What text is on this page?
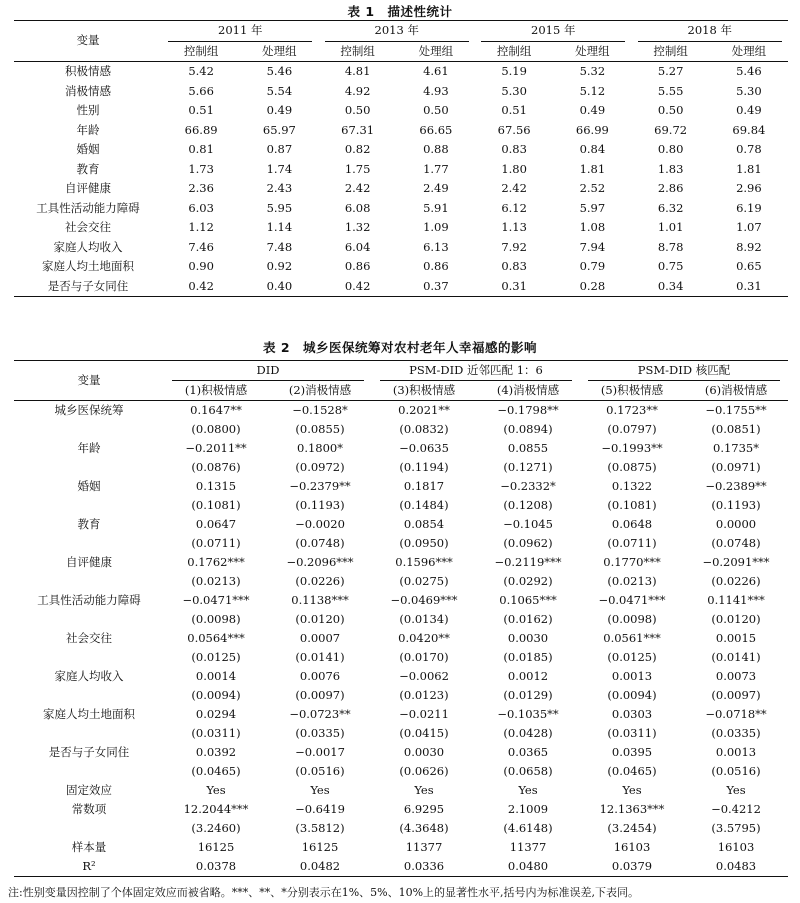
表 1　描述性统计
变量	2011 年		2013 年		2015 年		2018 年	
	控制组	处理组	控制组	处理组	控制组	处理组	控制组	处理组
积极情感	5.42	5.46	4.81	4.61	5.19	5.32	5.27	5.46
消极情感	5.66	5.54	4.92	4.93	5.30	5.12	5.55	5.30
性别	0.51	0.49	0.50	0.50	0.51	0.49	0.50	0.49
年龄	66.89	65.97	67.31	66.65	67.56	66.99	69.72	69.84
婚姻	0.81	0.87	0.82	0.88	0.83	0.84	0.80	0.78
教育	1.73	1.74	1.75	1.77	1.80	1.81	1.83	1.81
自评健康	2.36	2.43	2.42	2.49	2.42	2.52	2.86	2.96
工具性活动能力障碍	6.03	5.95	6.08	5.91	6.12	5.97	6.32	6.19
社会交往	1.12	1.14	1.32	1.09	1.13	1.08	1.01	1.07
家庭人均收入	7.46	7.48	6.04	6.13	7.92	7.94	8.78	8.92
家庭人均土地面积	0.90	0.92	0.86	0.86	0.83	0.79	0.75	0.65
是否与子女同住	0.42	0.40	0.42	0.37	0.31	0.28	0.34	0.31
表 2　城乡医保统筹对农村老年人幸福感的影响
变量	DID		PSM-DID 近邻匹配 1：6		PSM-DID 核匹配	
	(1)积极情感	(2)消极情感	(3)积极情感	(4)消极情感	(5)积极情感	(6)消极情感
城乡医保统筹	0.1647**	−0.1528*	0.2021**	−0.1798**	0.1723**	−0.1755**
	(0.0800)	(0.0855)	(0.0832)	(0.0894)	(0.0797)	(0.0851)
年龄	−0.2011**	0.1800*	−0.0635	0.0855	−0.1993**	0.1735*
	(0.0876)	(0.0972)	(0.1194)	(0.1271)	(0.0875)	(0.0971)
婚姻	0.1315	−0.2379**	0.1817	−0.2332*	0.1322	−0.2389**
	(0.1081)	(0.1193)	(0.1484)	(0.1208)	(0.1081)	(0.1193)
教育	0.0647	−0.0020	0.0854	−0.1045	0.0648	0.0000
	(0.0711)	(0.0748)	(0.0950)	(0.0962)	(0.0711)	(0.0748)
自评健康	0.1762***	−0.2096***	0.1596***	−0.2119***	0.1770***	−0.2091***
	(0.0213)	(0.0226)	(0.0275)	(0.0292)	(0.0213)	(0.0226)
工具性活动能力障碍	−0.0471***	0.1138***	−0.0469***	0.1065***	−0.0471***	0.1141***
	(0.0098)	(0.0120)	(0.0134)	(0.0162)	(0.0098)	(0.0120)
社会交往	0.0564***	0.0007	0.0420**	0.0030	0.0561***	0.0015
	(0.0125)	(0.0141)	(0.0170)	(0.0185)	(0.0125)	(0.0141)
家庭人均收入	0.0014	0.0076	−0.0062	0.0012	0.0013	0.0073
	(0.0094)	(0.0097)	(0.0123)	(0.0129)	(0.0094)	(0.0097)
家庭人均土地面积	0.0294	−0.0723**	−0.0211	−0.1035**	0.0303	−0.0718**
	(0.0311)	(0.0335)	(0.0415)	(0.0428)	(0.0311)	(0.0335)
是否与子女同住	0.0392	−0.0017	0.0030	0.0365	0.0395	0.0013
	(0.0465)	(0.0516)	(0.0626)	(0.0658)	(0.0465)	(0.0516)
固定效应	Yes	Yes	Yes	Yes	Yes	Yes
常数项	12.2044***	−0.6419	6.9295	2.1009	12.1363***	−0.4212
	(3.2460)	(3.5812)	(4.3648)	(4.6148)	(3.2454)	(3.5795)
样本量	16125	16125	11377	11377	16103	16103
R²	0.0378	0.0482	0.0336	0.0480	0.0379	0.0483
注:性别变量因控制了个体固定效应而被省略。***、**、*分别表示在1%、5%、10%上的显著性水平,括号内为标准误差,下表同。
